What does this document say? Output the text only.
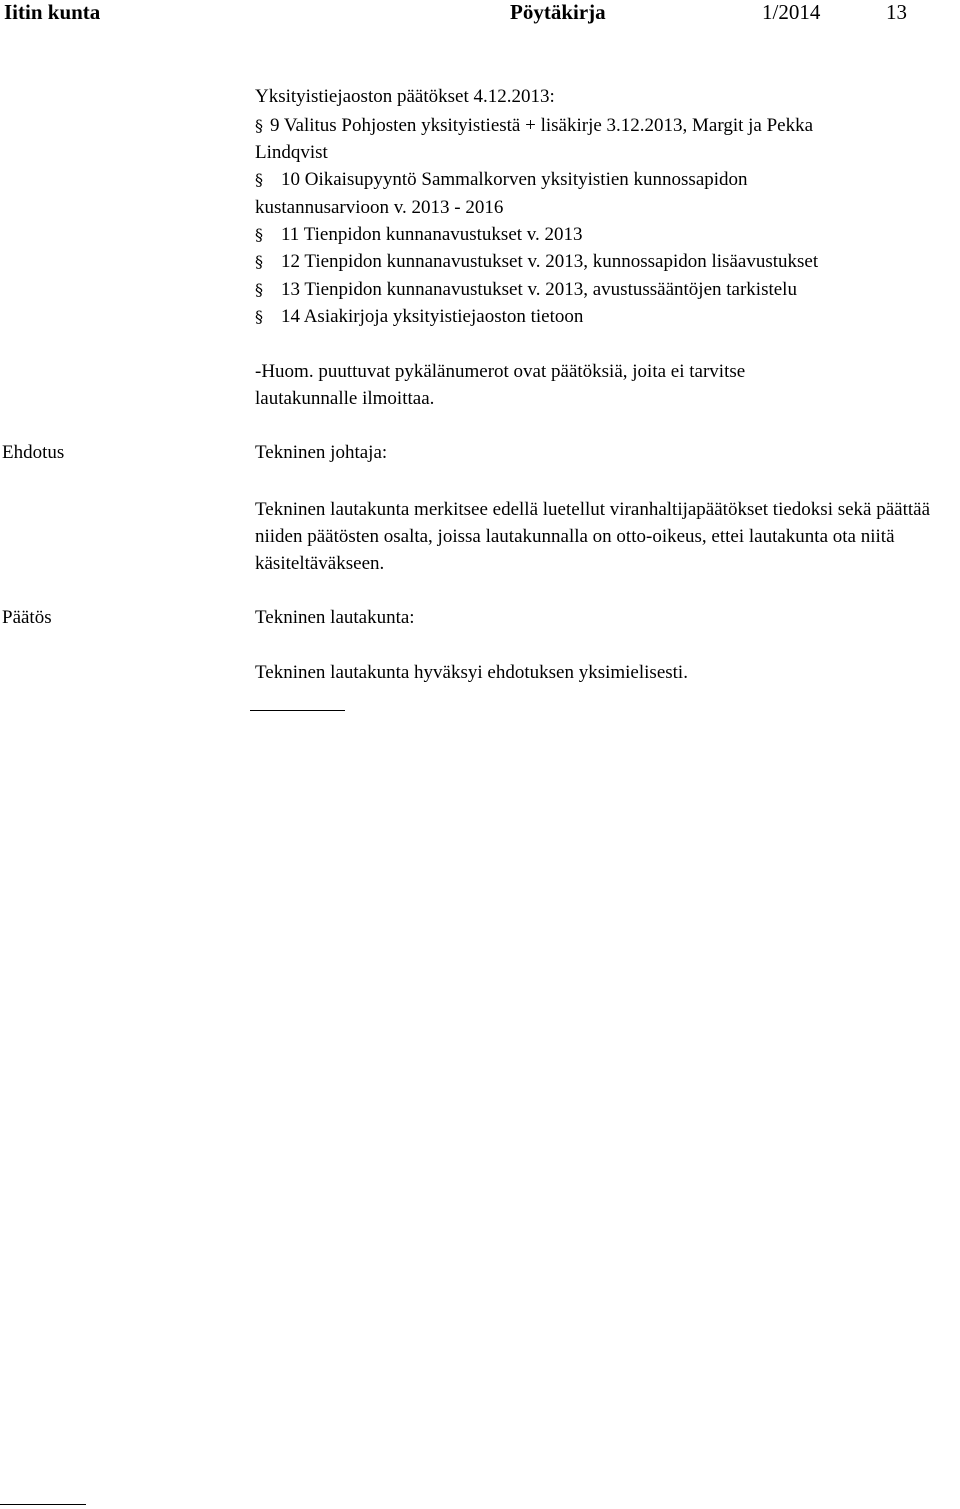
Iitin kunta	Pöytäkirja	1/2014	13
Yksityistiejaoston päätökset 4.12.2013:
§ 9 Valitus Pohjosten yksityistiestä + lisäkirje 3.12.2013, Margit ja Pekka
Lindqvist
§ 10 Oikaisupyyntö Sammalkorven yksityistien kunnossapidon
kustannusarvioon v. 2013 - 2016
§ 11 Tienpidon kunnanavustukset v. 2013
§ 12 Tienpidon kunnanavustukset v. 2013, kunnossapidon lisäavustukset
§ 13 Tienpidon kunnanavustukset v. 2013, avustussääntöjen tarkistelu
§ 14 Asiakirjoja yksityistiejaoston tietoon
-Huom. puuttuvat pykälänumerot ovat päätöksiä, joita ei tarvitse
lautakunnalle ilmoittaa.
Ehdotus	Tekninen johtaja:
Tekninen lautakunta merkitsee edellä luetellut viranhaltijapäätökset tiedoksi sekä päättää niiden päätösten osalta, joissa lautakunnalla on otto-oikeus, ettei lautakunta ota niitä käsiteltäväkseen.
Päätös	Tekninen lautakunta:
Tekninen lautakunta hyväksyi ehdotuksen yksimielisesti.
